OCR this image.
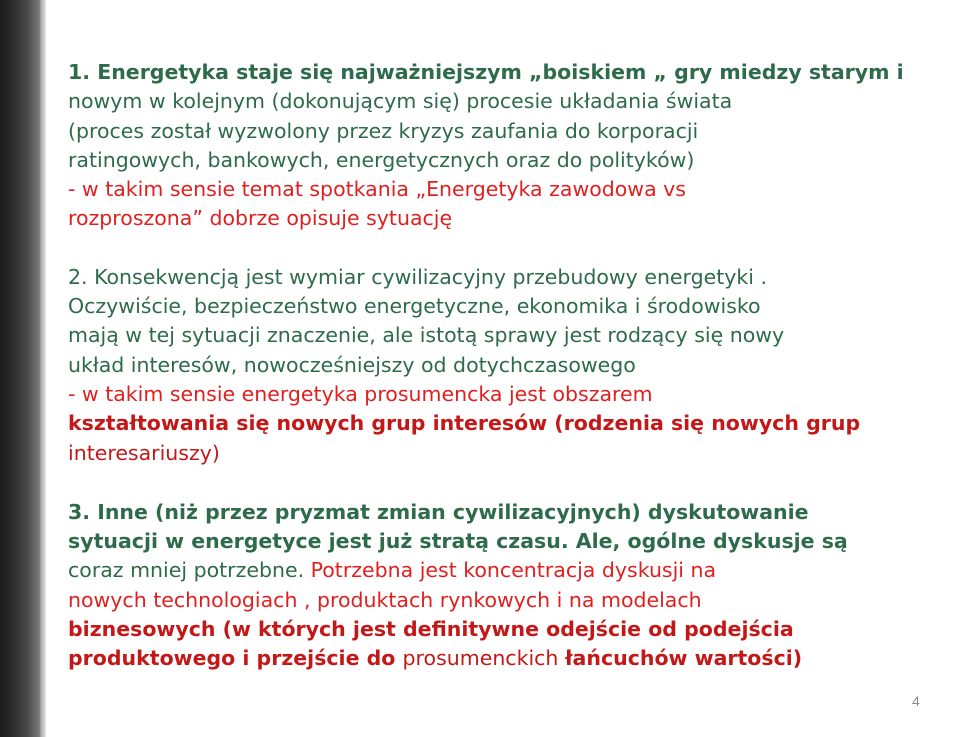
1. Energetyka staje się najważniejszym „boiskiem „ gry miedzy starym i
nowym w kolejnym (dokonującym się) procesie układania świata
(proces został wyzwolony przez kryzys zaufania do korporacji
ratingowych, bankowych, energetycznych oraz do polityków)
- w takim sensie temat spotkania „Energetyka zawodowa vs
rozproszona” dobrze opisuje sytuację
2. Konsekwencją jest wymiar cywilizacyjny przebudowy energetyki .
Oczywiście, bezpieczeństwo energetyczne, ekonomika i środowisko
mają w tej sytuacji znaczenie, ale istotą sprawy jest rodzący się nowy
układ interesów, nowocześniejszy od dotychczasowego
- w takim sensie energetyka prosumencka jest obszarem
kształtowania się nowych grup interesów (rodzenia się nowych grup
interesariuszy)
3. Inne (niż przez pryzmat zmian cywilizacyjnych) dyskutowanie
sytuacji w energetyce jest już stratą czasu. Ale, ogólne dyskusje są
coraz mniej potrzebne. Potrzebna jest koncentracja dyskusji na
nowych technologiach , produktach rynkowych i na modelach
biznesowych (w których jest definitywne odejście od podejścia
produktowego i przejście do prosumenckich łańcuchów wartości)
4
